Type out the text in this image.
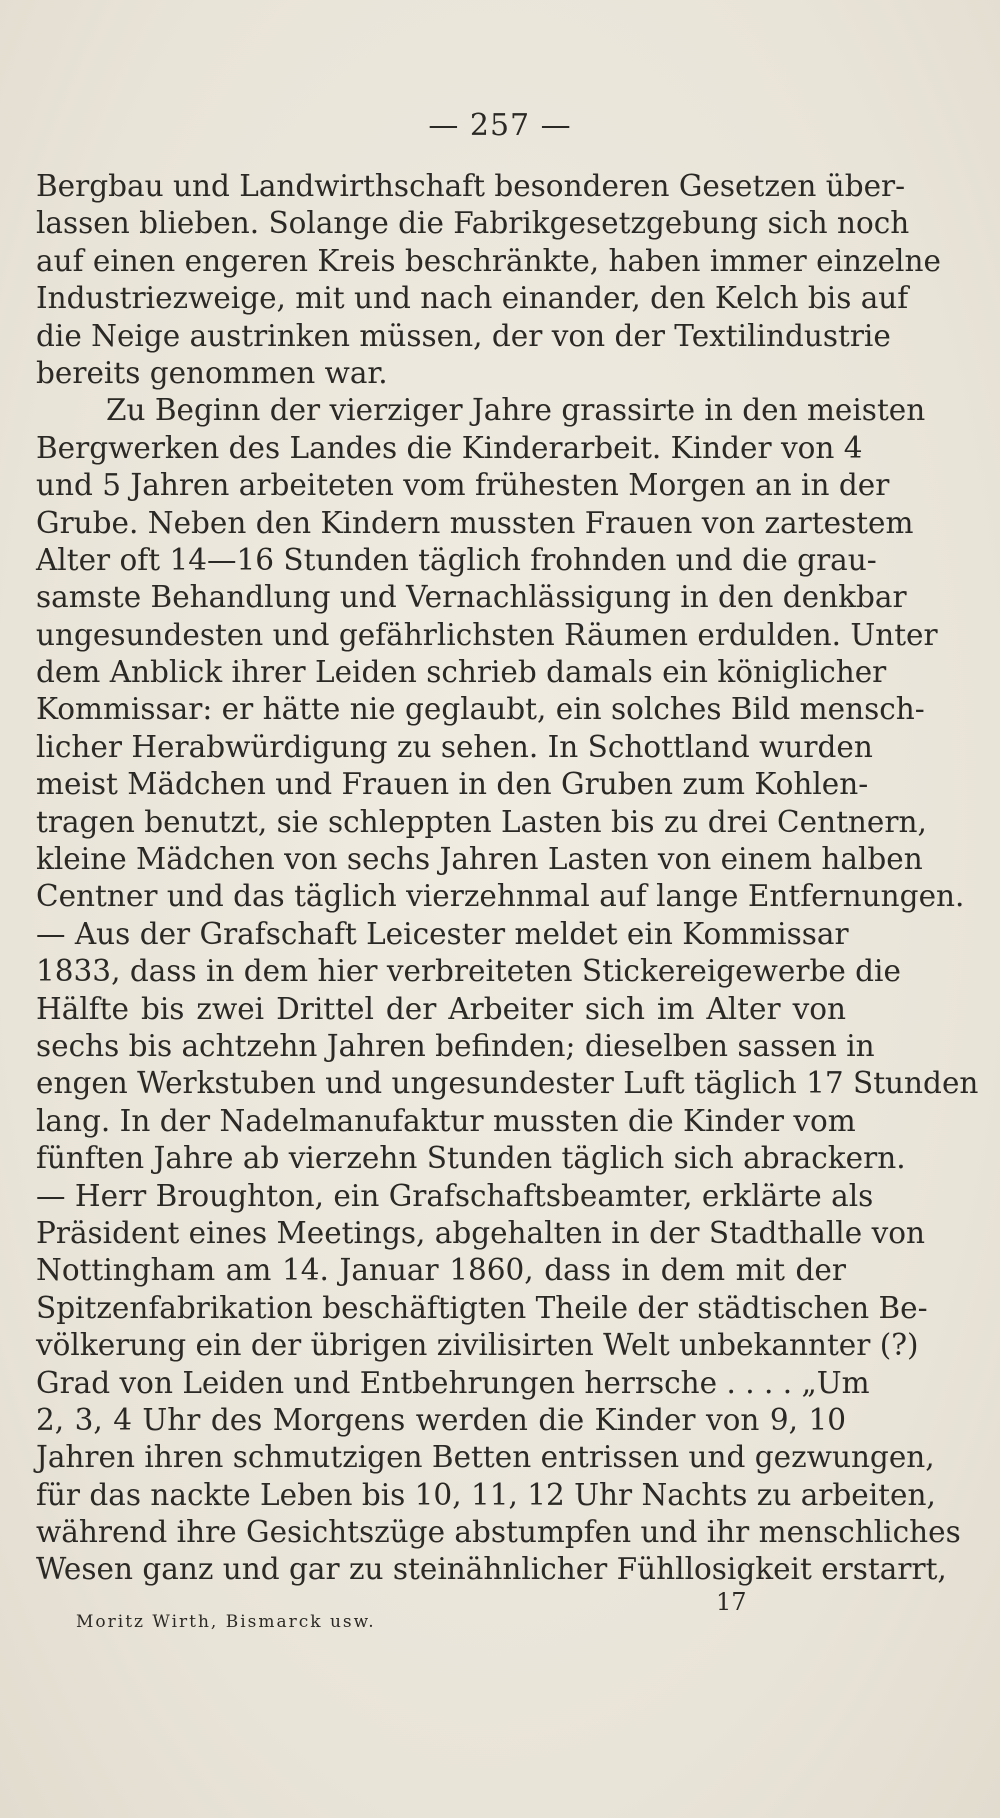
— 257 —
Bergbau und Landwirthschaft besonderen Gesetzen über-
lassen blieben. Solange die Fabrikgesetzgebung sich noch
auf einen engeren Kreis beschränkte, haben immer einzelne
Industriezweige, mit und nach einander, den Kelch bis auf
die Neige austrinken müssen, der von der Textilindustrie
bereits genommen war.
Zu Beginn der vierziger Jahre grassirte in den meisten
Bergwerken des Landes die Kinderarbeit. Kinder von 4
und 5 Jahren arbeiteten vom frühesten Morgen an in der
Grube. Neben den Kindern mussten Frauen von zartestem
Alter oft 14—16 Stunden täglich frohnden und die grau-
samste Behandlung und Vernachlässigung in den denkbar
ungesundesten und gefährlichsten Räumen erdulden. Unter
dem Anblick ihrer Leiden schrieb damals ein königlicher
Kommissar: er hätte nie geglaubt, ein solches Bild mensch-
licher Herabwürdigung zu sehen. In Schottland wurden
meist Mädchen und Frauen in den Gruben zum Kohlen-
tragen benutzt, sie schleppten Lasten bis zu drei Centnern,
kleine Mädchen von sechs Jahren Lasten von einem halben
Centner und das täglich vierzehnmal auf lange Entfernungen.
— Aus der Grafschaft Leicester meldet ein Kommissar
1833, dass in dem hier verbreiteten Stickereigewerbe die
Hälfte bis zwei Drittel der Arbeiter sich im Alter von
sechs bis achtzehn Jahren befinden; dieselben sassen in
engen Werkstuben und ungesundester Luft täglich 17 Stunden
lang. In der Nadelmanufaktur mussten die Kinder vom
fünften Jahre ab vierzehn Stunden täglich sich abrackern.
— Herr Broughton, ein Grafschaftsbeamter, erklärte als
Präsident eines Meetings, abgehalten in der Stadthalle von
Nottingham am 14. Januar 1860, dass in dem mit der
Spitzenfabrikation beschäftigten Theile der städtischen Be-
völkerung ein der übrigen zivilisirten Welt unbekannter (?)
Grad von Leiden und Entbehrungen herrsche . . . . „Um
2, 3, 4 Uhr des Morgens werden die Kinder von 9, 10
Jahren ihren schmutzigen Betten entrissen und gezwungen,
für das nackte Leben bis 10, 11, 12 Uhr Nachts zu arbeiten,
während ihre Gesichtszüge abstumpfen und ihr menschliches
Wesen ganz und gar zu steinähnlicher Fühllosigkeit erstarrt,
Moritz Wirth, Bismarck usw.
17
